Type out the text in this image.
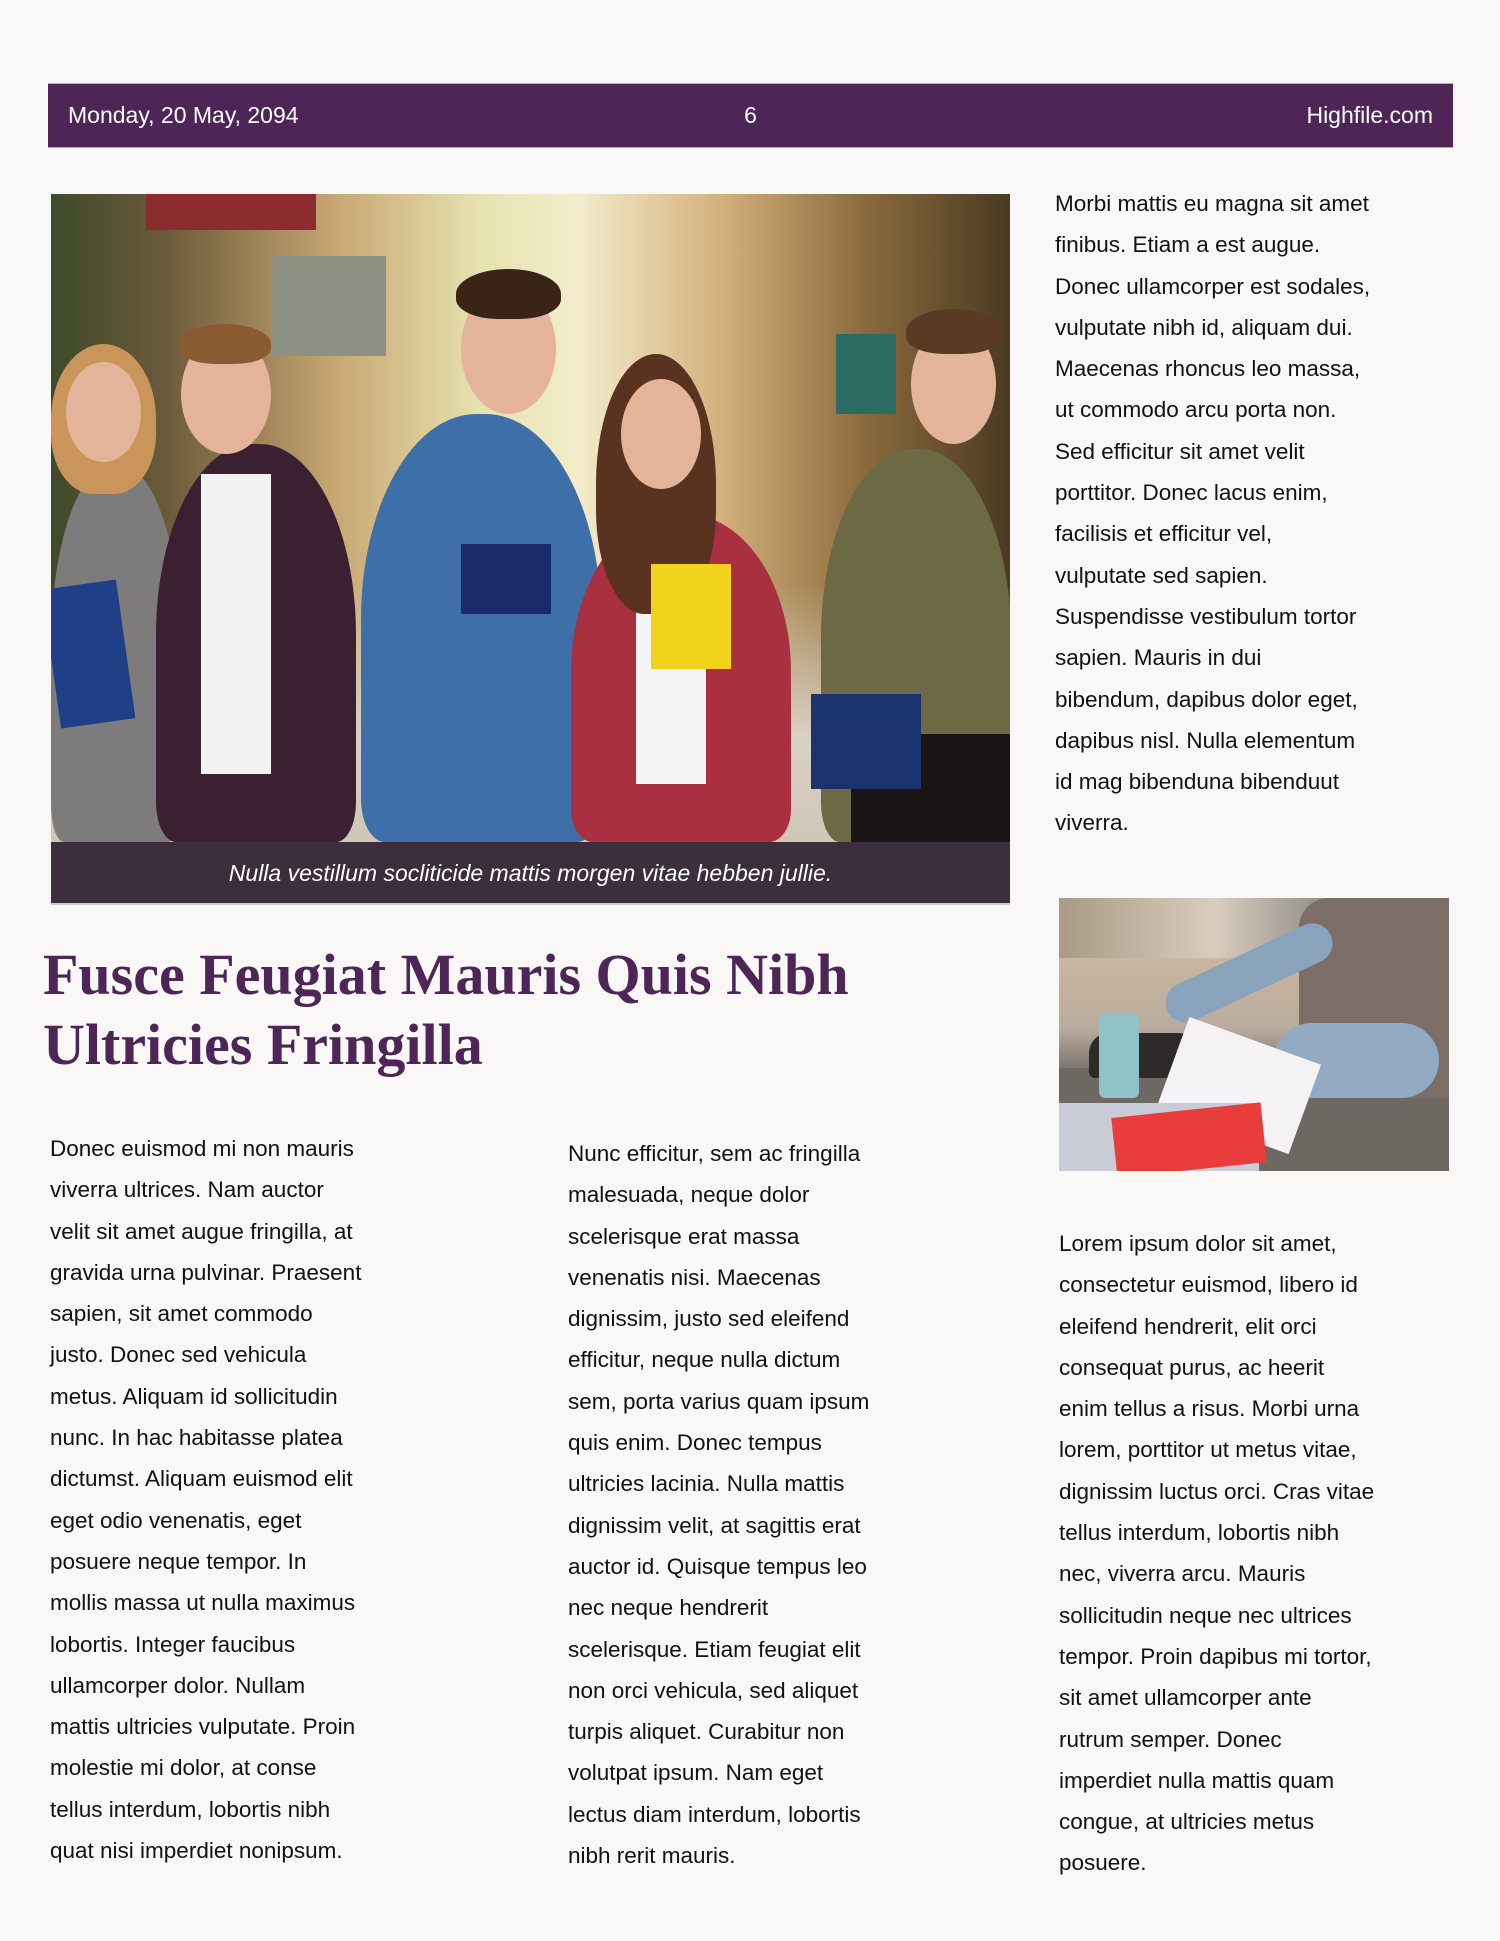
Monday, 20 May, 2094	6	Highfile.com
Nulla vestillum socliticide mattis morgen vitae hebben jullie.
Morbi mattis eu magna sit amet
finibus. Etiam a est augue.
Donec ullamcorper est sodales,
vulputate nibh id, aliquam dui.
Maecenas rhoncus leo massa,
ut commodo arcu porta non.
Sed efficitur sit amet velit
porttitor. Donec lacus enim,
facilisis et efficitur vel,
vulputate sed sapien.
Suspendisse vestibulum tortor
sapien. Mauris in dui
bibendum, dapibus dolor eget,
dapibus nisl. Nulla elementum
id mag bibenduna bibenduut
viverra.
Fusce Feugiat Mauris Quis Nibh
Ultricies Fringilla
Donec euismod mi non mauris
viverra ultrices. Nam auctor
velit sit amet augue fringilla, at
gravida urna pulvinar. Praesent
sapien, sit amet commodo
justo. Donec sed vehicula
metus. Aliquam id sollicitudin
nunc. In hac habitasse platea
dictumst. Aliquam euismod elit
eget odio venenatis, eget
posuere neque tempor. In
mollis massa ut nulla maximus
lobortis. Integer faucibus
ullamcorper dolor. Nullam
mattis ultricies vulputate. Proin
molestie mi dolor, at conse
tellus interdum, lobortis nibh
quat nisi imperdiet nonipsum.
Nunc efficitur, sem ac fringilla
malesuada, neque dolor
scelerisque erat massa
venenatis nisi. Maecenas
dignissim, justo sed eleifend
efficitur, neque nulla dictum
sem, porta varius quam ipsum
quis enim. Donec tempus
ultricies lacinia. Nulla mattis
dignissim velit, at sagittis erat
auctor id. Quisque tempus leo
nec neque hendrerit
scelerisque. Etiam feugiat elit
non orci vehicula, sed aliquet
turpis aliquet. Curabitur non
volutpat ipsum. Nam eget
lectus diam interdum, lobortis
nibh rerit mauris.
Lorem ipsum dolor sit amet,
consectetur euismod, libero id
eleifend hendrerit, elit orci
consequat purus, ac heerit
enim tellus a risus. Morbi urna
lorem, porttitor ut metus vitae,
dignissim luctus orci. Cras vitae
tellus interdum, lobortis nibh
nec, viverra arcu. Mauris
sollicitudin neque nec ultrices
tempor. Proin dapibus mi tortor,
sit amet ullamcorper ante
rutrum semper. Donec
imperdiet nulla mattis quam
congue, at ultricies metus
posuere.
